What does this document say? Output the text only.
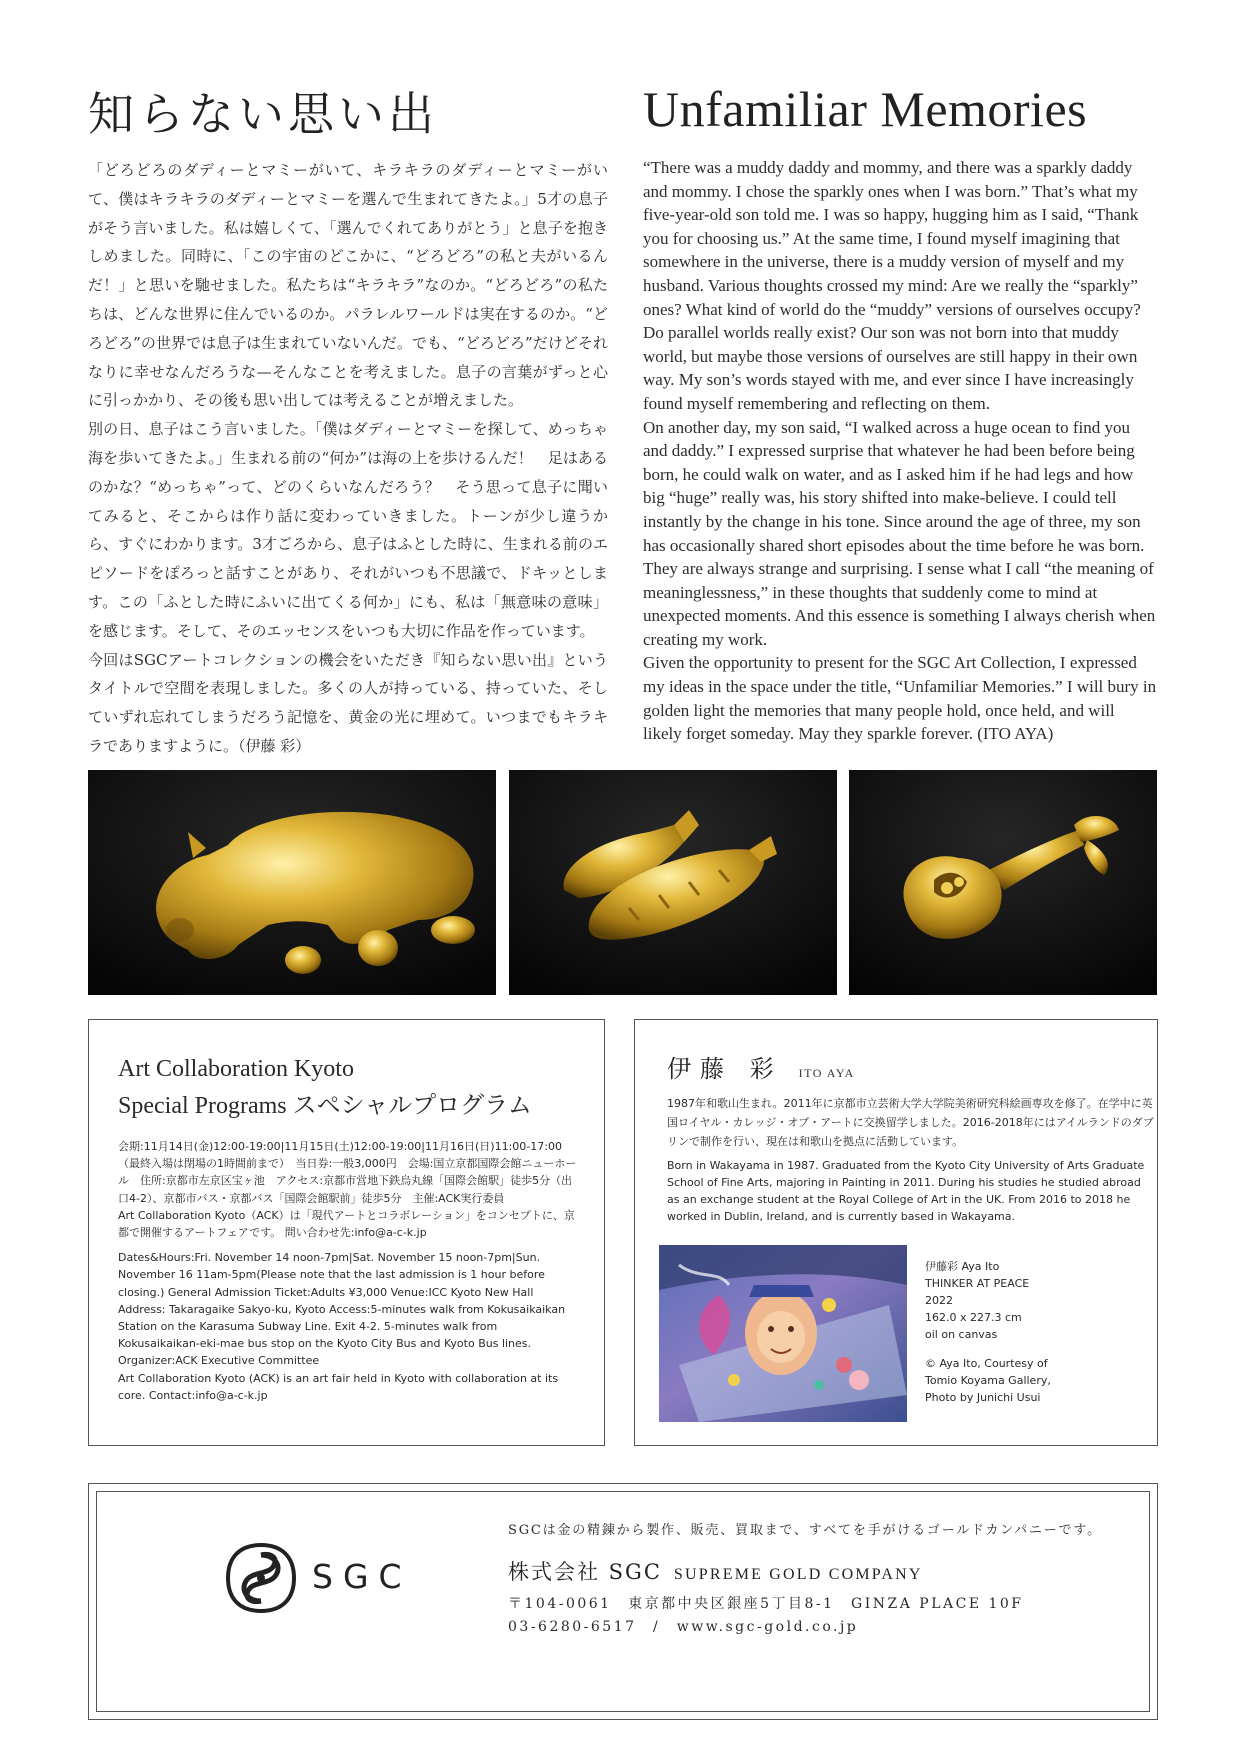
知らない思い出	Unfamiliar Memories

「どろどろのダディーとマミーがいて、キラキラのダディーとマミーがいて、僕はキラキラのダディーとマミーを選んで生まれてきたよ。」5才の息子がそう言いました。私は嬉しくて、「選んでくれてありがとう」と息子を抱きしめました。同時に、「この宇宙のどこかに、“どろどろ”の私と夫がいるんだ！」と思いを馳せました。私たちは“キラキラ”なのか。“どろどろ”の私たちは、どんな世界に住んでいるのか。パラレルワールドは実在するのか。“どろどろ”の世界では息子は生まれていないんだ。でも、“どろどろ”だけどそれなりに幸せなんだろうな—そんなことを考えました。息子の言葉がずっと心に引っかかり、その後も思い出しては考えることが増えました。

別の日、息子はこう言いました。「僕はダディーとマミーを探して、めっちゃ海を歩いてきたよ。」生まれる前の“何か”は海の上を歩けるんだ！　足はあるのかな？“めっちゃ”って、どのくらいなんだろう？　そう思って息子に聞いてみると、そこからは作り話に変わっていきました。トーンが少し違うから、すぐにわかります。3才ごろから、息子はふとした時に、生まれる前のエピソードをぽろっと話すことがあり、それがいつも不思議で、ドキッとします。この「ふとした時にふいに出てくる何か」にも、私は「無意味の意味」を感じます。そして、そのエッセンスをいつも大切に作品を作っています。

今回はSGCアートコレクションの機会をいただき『知らない思い出』というタイトルで空間を表現しました。多くの人が持っている、持っていた、そしていずれ忘れてしまうだろう記憶を、黄金の光に埋めて。いつまでもキラキラでありますように。（伊藤 彩）

“There was a muddy daddy and mommy, and there was a sparkly daddy and mommy. I chose the sparkly ones when I was born.” That’s what my five-year-old son told me. I was so happy, hugging him as I said, “Thank you for choosing us.” At the same time, I found myself imagining that somewhere in the universe, there is a muddy version of myself and my husband. Various thoughts crossed my mind: Are we really the “sparkly” ones? What kind of world do the “muddy” versions of ourselves occupy? Do parallel worlds really exist? Our son was not born into that muddy world, but maybe those versions of ourselves are still happy in their own way. My son’s words stayed with me, and ever since I have increasingly found myself remembering and reflecting on them.

On another day, my son said, “I walked across a huge ocean to find you and daddy.” I expressed surprise that whatever he had been before being born, he could walk on water, and as I asked him if he had legs and how big “huge” really was, his story shifted into make-believe. I could tell instantly by the change in his tone. Since around the age of three, my son has occasionally shared short episodes about the time before he was born. They are always strange and surprising. I sense what I call “the meaning of meaninglessness,” in these thoughts that suddenly come to mind at unexpected moments. And this essence is something I always cherish when creating my work.

Given the opportunity to present for the SGC Art Collection, I expressed my ideas in the space under the title, “Unfamiliar Memories.” I will bury in golden light the memories that many people hold, once held, and will likely forget someday. May they sparkle forever. (ITO AYA)

Art Collaboration Kyoto
Special Programs スペシャルプログラム

会期:11月14日(金)12:00-19:00|11月15日(土)12:00-19:00|11月16日(日)11:00-17:00（最終入場は閉場の1時間前まで）　当日券:一般3,000円　会場:国立京都国際会館ニューホール　住所:京都市左京区宝ヶ池　アクセス:京都市営地下鉄烏丸線「国際会館駅」徒歩5分（出口4-2）、京都市バス・京都バス「国際会館駅前」徒歩5分　主催:ACK実行委員

Art Collaboration Kyoto（ACK）は「現代アートとコラボレーション」をコンセプトに、京都で開催するアートフェアです。 問い合わせ先:info@a-c-k.jp

Dates&Hours:Fri. November 14 noon-7pm|Sat. November 15 noon-7pm|Sun. November 16 11am-5pm(Please note that the last admission is 1 hour before closing.) General Admission Ticket:Adults ¥3,000 Venue:ICC Kyoto New Hall Address: Takaragaike Sakyo-ku, Kyoto Access:5-minutes walk from Kokusaikaikan Station on the Karasuma Subway Line. Exit 4-2. 5-minutes walk from Kokusaikaikan-eki-mae bus stop on the Kyoto City Bus and Kyoto Bus lines. Organizer:ACK Executive Committee

Art Collaboration Kyoto (ACK) is an art fair held in Kyoto with collaboration at its core. Contact:info@a-c-k.jp

伊藤 彩 ITO AYA

1987年和歌山生まれ。2011年に京都市立芸術大学大学院美術研究科絵画専攻を修了。在学中に英国ロイヤル・カレッジ・オブ・アートに交換留学しました。2016-2018年にはアイルランドのダブリンで制作を行い、現在は和歌山を拠点に活動しています。

Born in Wakayama in 1987. Graduated from the Kyoto City University of Arts Graduate School of Fine Arts, majoring in Painting in 2011. During his studies he studied abroad as an exchange student at the Royal College of Art in the UK. From 2016 to 2018 he worked in Dublin, Ireland, and is currently based in Wakayama.

伊藤彩 Aya Ito

THINKER AT PEACE

2022

162.0 x 227.3 cm

oil on canvas

© Aya Ito, Courtesy of

Tomio Koyama Gallery,

Photo by Junichi Usui

SGC
SGCは金の精錬から製作、販売、買取まで、すべてを手がけるゴールドカンパニーです。
株式会社 SGC SUPREME GOLD COMPANY
〒104-0061　東京都中央区銀座5丁目8-1　GINZA PLACE 10F
03-6280-6517　/　www.sgc-gold.co.jp
